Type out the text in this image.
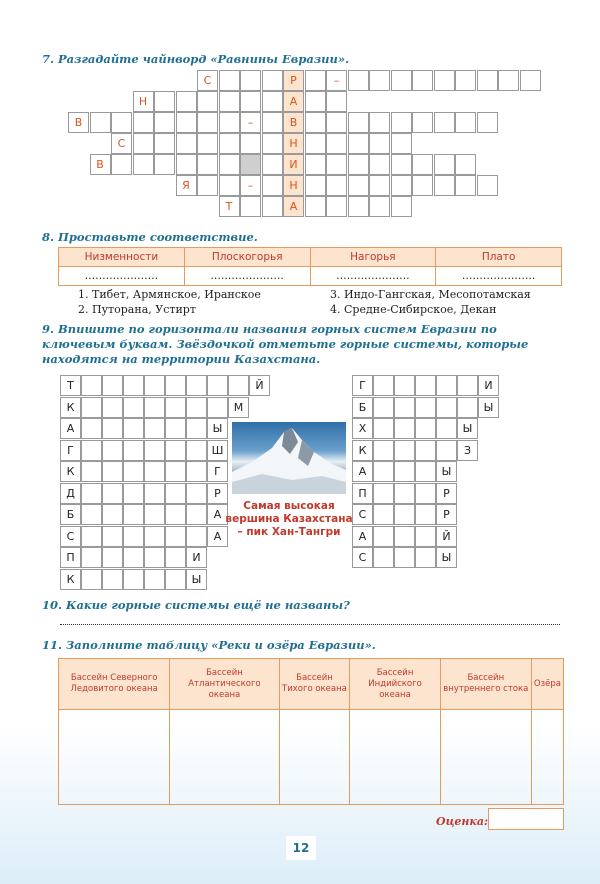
7. Разгадайте чайнворд «Равнины Евразии».
С	Р	–
Н	А
В	–	В
С	Н
В	И
Я	–	Н
Т	А
8. Проставьте соответствие.
Низменности	Плоскогорья	Нагорья	Плато
…………………	…………………	…………………	…………………
1. Тибет, Армянское, Иранское	3. Индо-Гангская, Месопотамская
2. Путорана, Устирт	4. Средне-Сибирское, Декан
9. Впишите по горизонтали названия горных систем Евразии по ключевым буквам. Звёздочкой отметьте горные системы, которые находятся на территории Казахстана.
Т	Й
К	М
А	Ы
Г	Ш
К	Г
Д	Р
Б	А
С	А
П	И
К	Ы
Г	И
Б	Ы
Х	Ы
К	З
А	Ы
П	Р
С	Р
А	Й
С	Ы
Самая высокая вершина Казахстана – пик Хан-Тангри
10. Какие горные системы ещё не названы?
11. Заполните таблицу «Реки и озёра Евразии».
Бассейн Северного Ледовитого океана	Бассейн Атлантического океана	Бассейн Тихого океана	Бассейн Индийского океана	Бассейн внутреннего стока	Озёра

Оценка:
12
